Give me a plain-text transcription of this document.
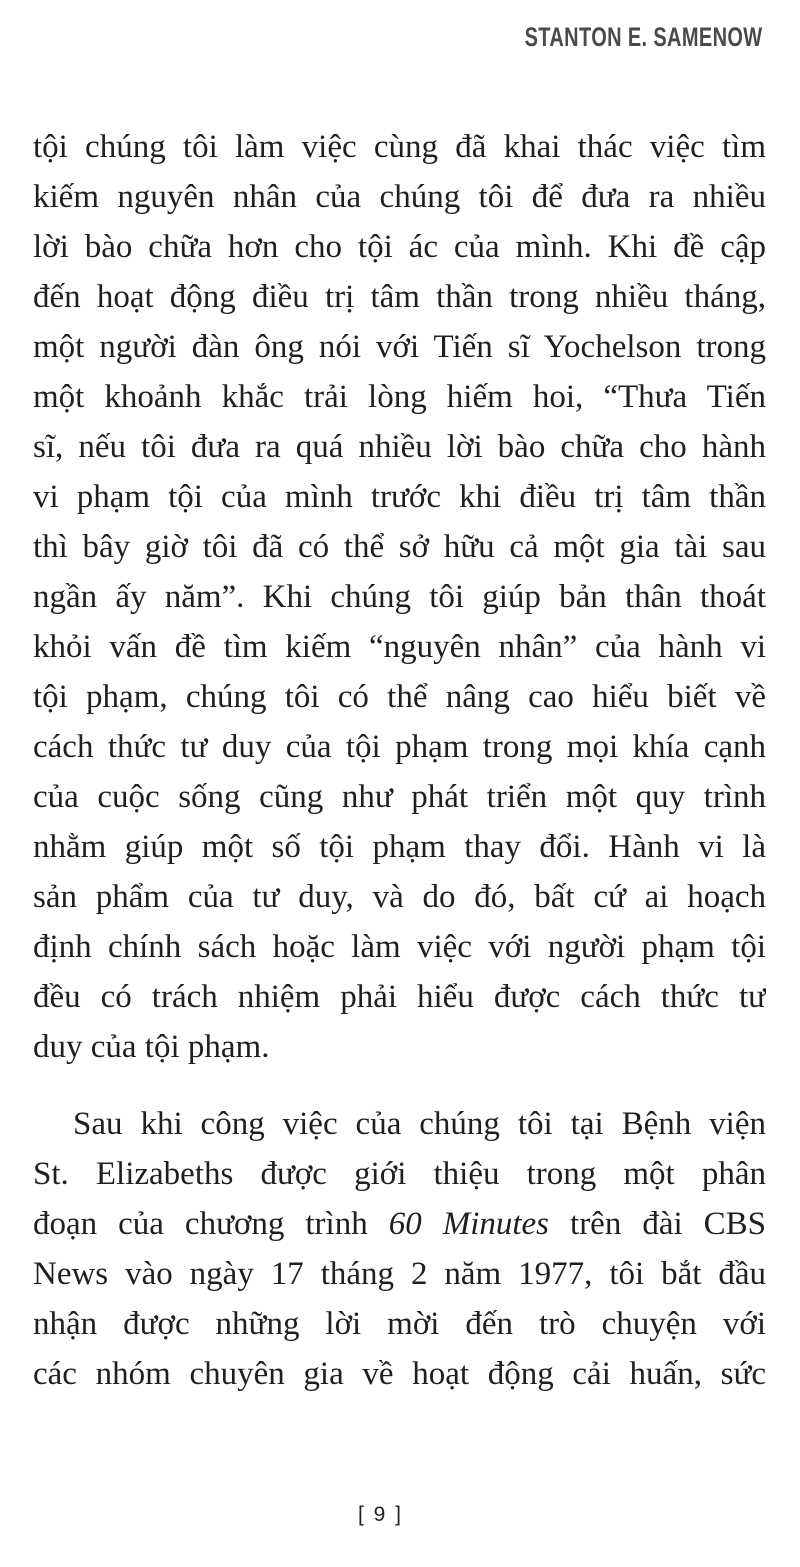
STANTON E. SAMENOW
tội chúng tôi làm việc cùng đã khai thác việc tìm
kiếm nguyên nhân của chúng tôi để đưa ra nhiều
lời bào chữa hơn cho tội ác của mình. Khi đề cập
đến hoạt động điều trị tâm thần trong nhiều tháng,
một người đàn ông nói với Tiến sĩ Yochelson trong
một khoảnh khắc trải lòng hiếm hoi, “Thưa Tiến
sĩ, nếu tôi đưa ra quá nhiều lời bào chữa cho hành
vi phạm tội của mình trước khi điều trị tâm thần
thì bây giờ tôi đã có thể sở hữu cả một gia tài sau
ngần ấy năm”. Khi chúng tôi giúp bản thân thoát
khỏi vấn đề tìm kiếm “nguyên nhân” của hành vi
tội phạm, chúng tôi có thể nâng cao hiểu biết về
cách thức tư duy của tội phạm trong mọi khía cạnh
của cuộc sống cũng như phát triển một quy trình
nhằm giúp một số tội phạm thay đổi. Hành vi là
sản phẩm của tư duy, và do đó, bất cứ ai hoạch
định chính sách hoặc làm việc với người phạm tội
đều có trách nhiệm phải hiểu được cách thức tư
duy của tội phạm.
Sau khi công việc của chúng tôi tại Bệnh viện
St. Elizabeths được giới thiệu trong một phân
đoạn của chương trình 60 Minutes trên đài CBS
News vào ngày 17 tháng 2 năm 1977, tôi bắt đầu
nhận được những lời mời đến trò chuyện với
các nhóm chuyên gia về hoạt động cải huấn, sức
[ 9 ]
